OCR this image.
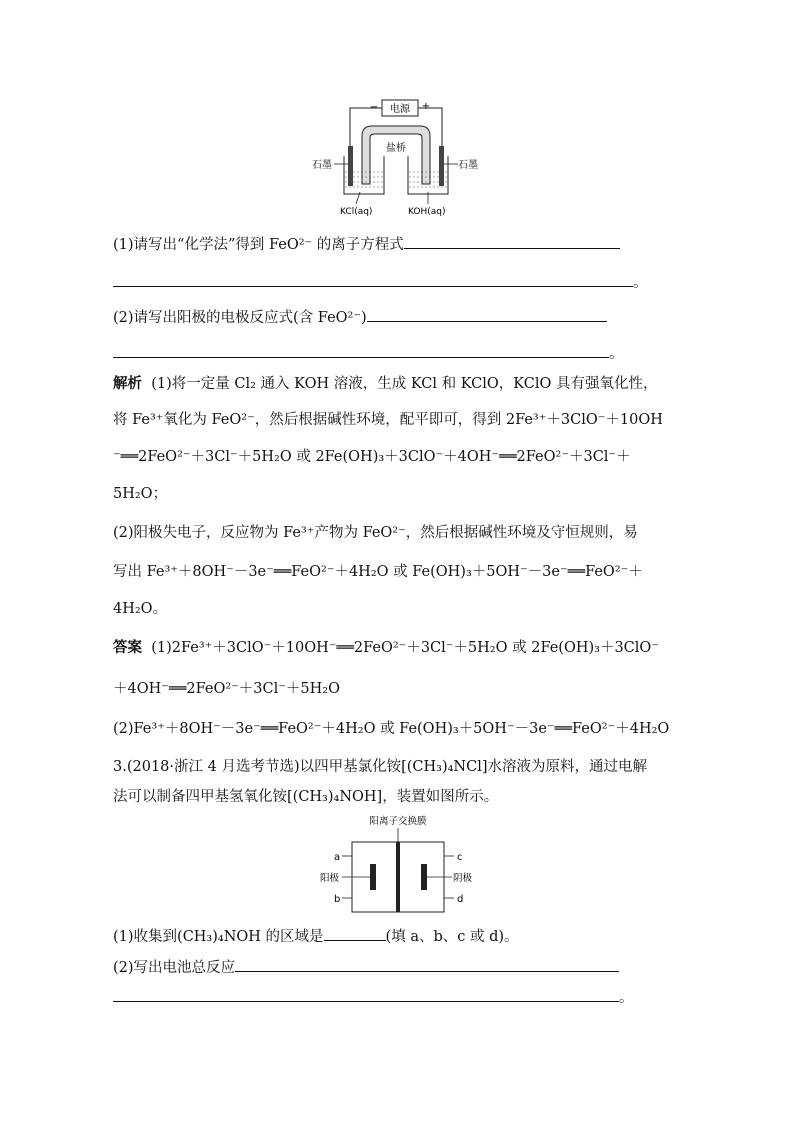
电源
−	+
盐桥
石墨	石墨
KCl(aq)	KOH(aq)
(1)请写出“化学法”得到 FeO²⁻ 的离子方程式
。
(2)请写出阳极的电极反应式(含 FeO²⁻)
。
解析 (1)将一定量 Cl₂ 通入 KOH 溶液，生成 KCl 和 KClO，KClO 具有强氧化性，
将 Fe³⁺氧化为 FeO²⁻，然后根据碱性环境，配平即可，得到 2Fe³⁺＋3ClO⁻＋10OH
⁻══2FeO²⁻＋3Cl⁻＋5H₂O 或 2Fe(OH)₃＋3ClO⁻＋4OH⁻══2FeO²⁻＋3Cl⁻＋
5H₂O；
(2)阳极失电子，反应物为 Fe³⁺产物为 FeO²⁻，然后根据碱性环境及守恒规则，易
写出 Fe³⁺＋8OH⁻－3e⁻══FeO²⁻＋4H₂O 或 Fe(OH)₃＋5OH⁻－3e⁻══FeO²⁻＋
4H₂O。
答案 (1)2Fe³⁺＋3ClO⁻＋10OH⁻══2FeO²⁻＋3Cl⁻＋5H₂O 或 2Fe(OH)₃＋3ClO⁻
＋4OH⁻══2FeO²⁻＋3Cl⁻＋5H₂O
(2)Fe³⁺＋8OH⁻－3e⁻══FeO²⁻＋4H₂O 或 Fe(OH)₃＋5OH⁻－3e⁻══FeO²⁻＋4H₂O
3.(2018·浙江 4 月选考节选)以四甲基氯化铵[(CH₃)₄NCl]水溶液为原料，通过电解
法可以制备四甲基氢氧化铵[(CH₃)₄NOH]，装置如图所示。
阳离子交换膜
a
b
c
d
阳极	阴极
(1)收集到(CH₃)₄NOH 的区域是	(填 a、b、c 或 d)。
(2)写出电池总反应
。
